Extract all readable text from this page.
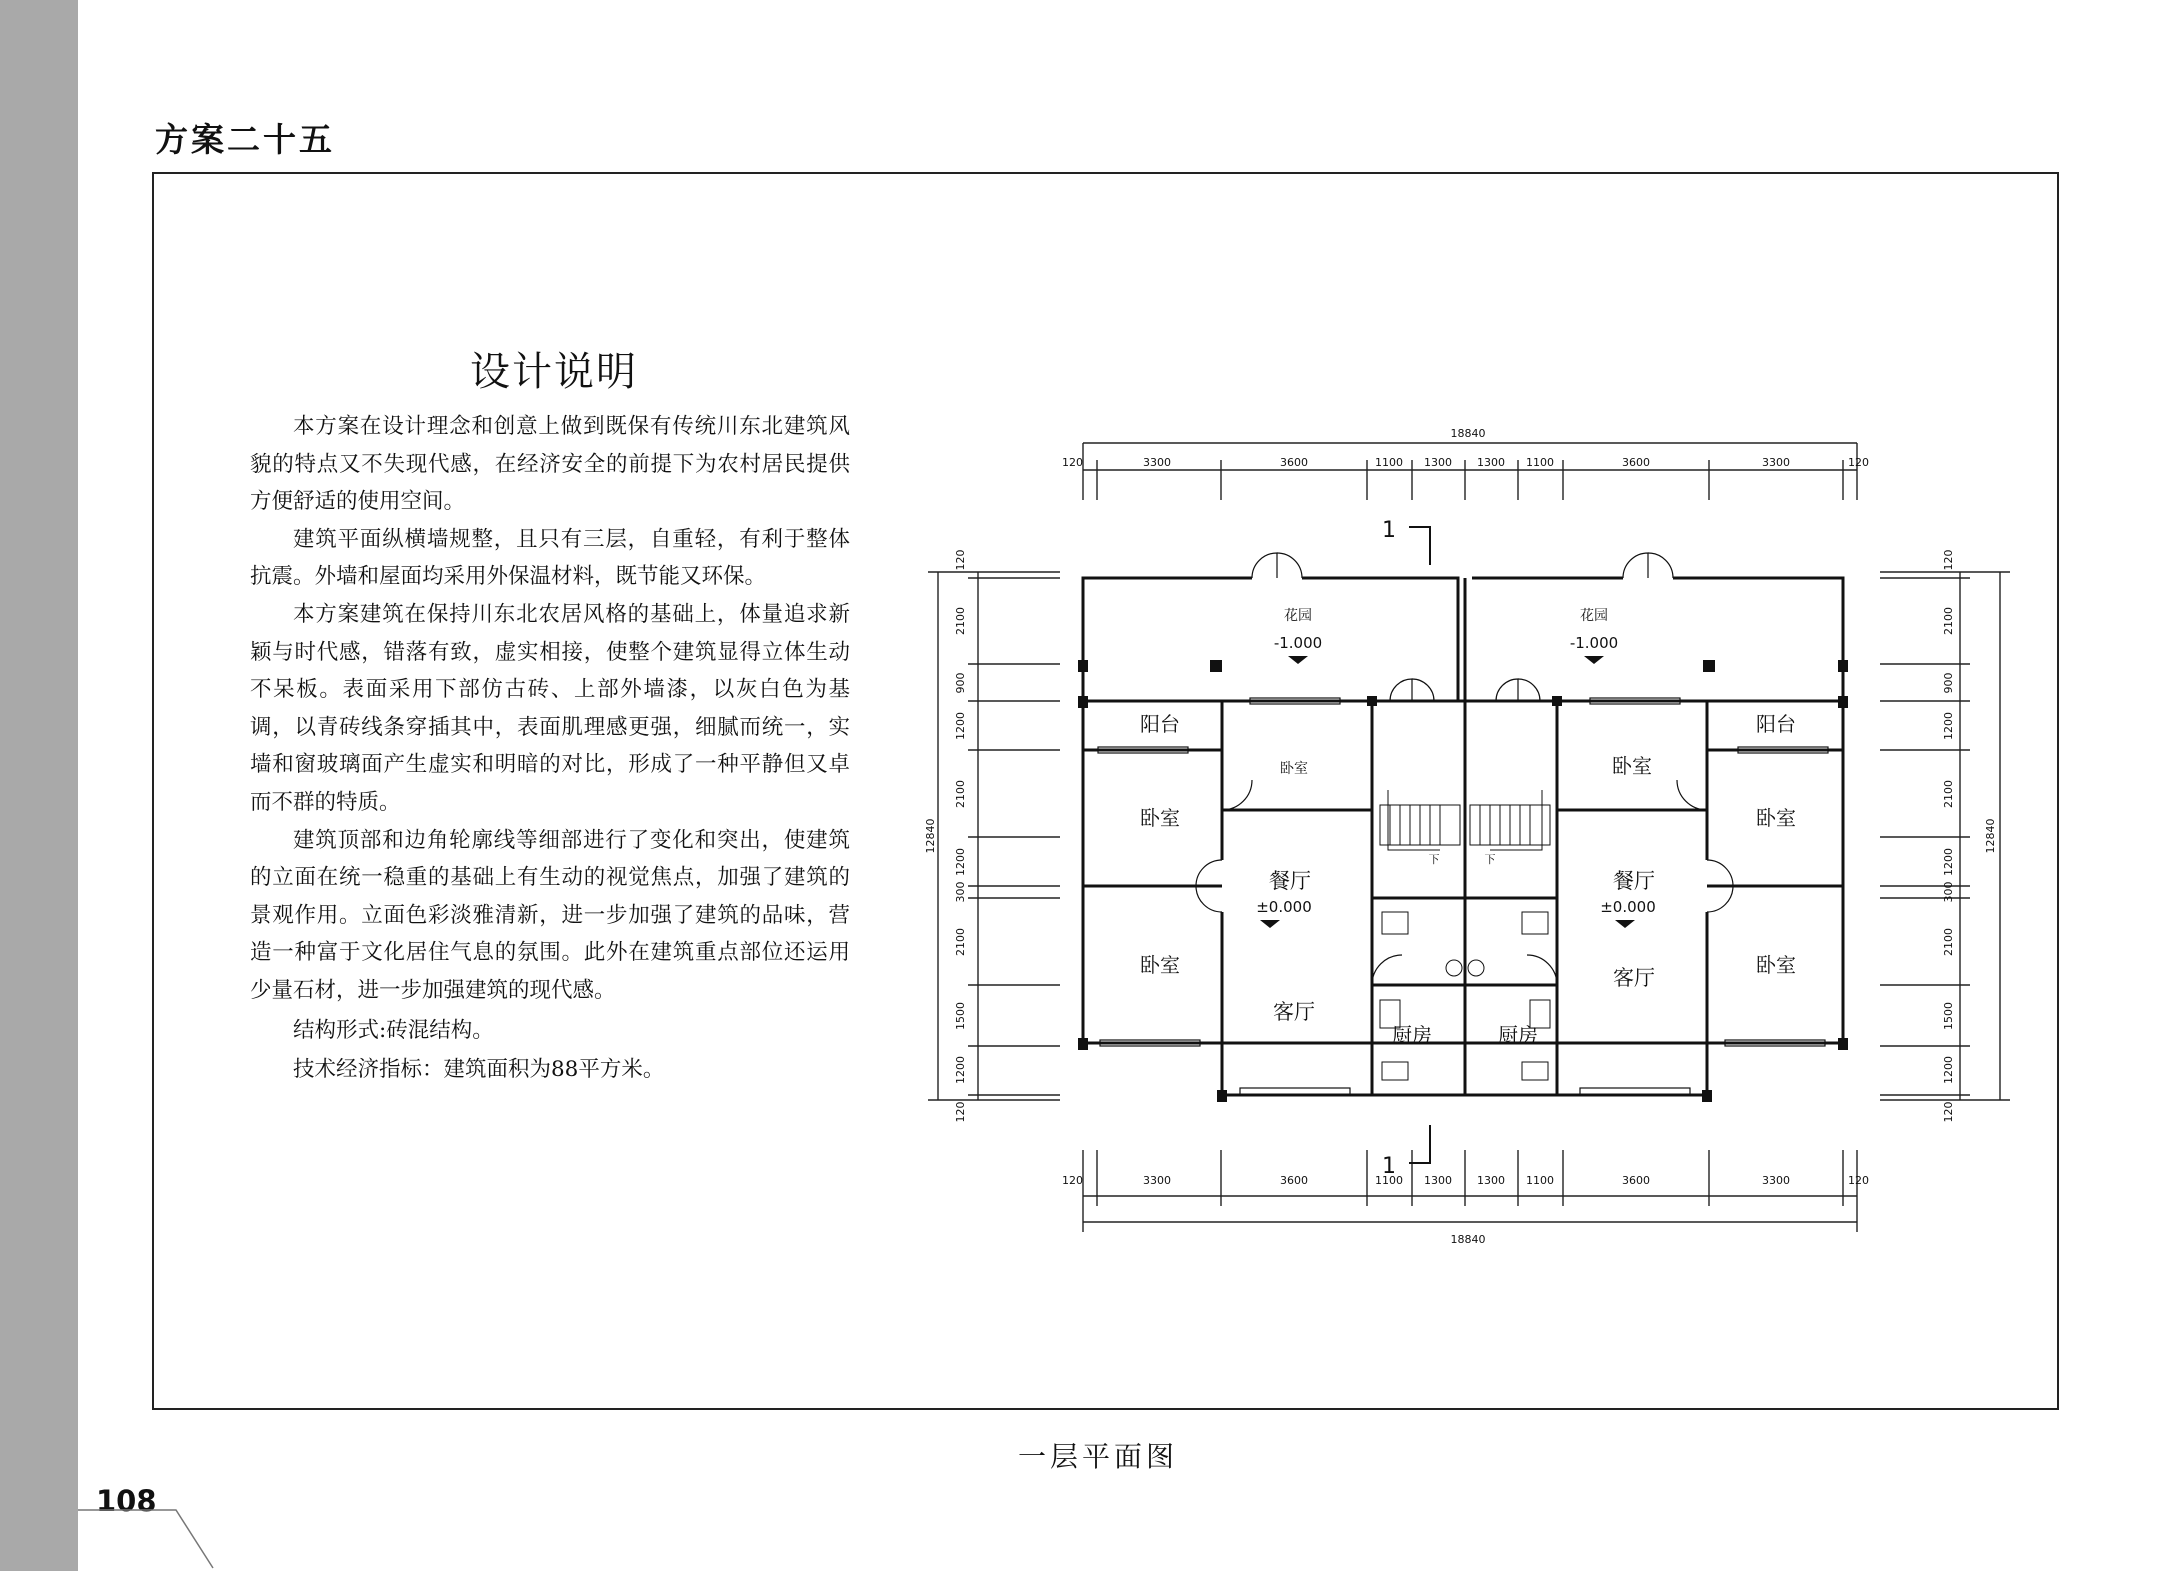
方案二十五
设计说明

本方案在设计理念和创意上做到既保有传统川东北建筑风貌的特点又不失现代感，在经济安全的前提下为农村居民提供方便舒适的使用空间。

建筑平面纵横墙规整，且只有三层，自重轻，有利于整体抗震。外墙和屋面均采用外保温材料，既节能又环保。

本方案建筑在保持川东北农居风格的基础上，体量追求新颖与时代感，错落有致，虚实相接，使整个建筑显得立体生动不呆板。表面采用下部仿古砖、上部外墙漆，以灰白色为基调，以青砖线条穿插其中，表面肌理感更强，细腻而统一，实墙和窗玻璃面产生虚实和明暗的对比，形成了一种平静但又卓而不群的特质。

建筑顶部和边角轮廓线等细部进行了变化和突出，使建筑的立面在统一稳重的基础上有生动的视觉焦点，加强了建筑的景观作用。立面色彩淡雅清新，进一步加强了建筑的品味，营造一种富于文化居住气息的氛围。此外在建筑重点部位还运用少量石材，进一步加强建筑的现代感。

结构形式:砖混结构。

技术经济指标：建筑面积为88平方米。

18840
18840
120	3300	3600	1100 1300 1300 1100	3600	3300	120
120	3300	3600	1100 1300 1300 1100	3600	3300	120
12840	12840
120
2100
900
1200
2100
1200
300
2100
1500
1200
120
120
2100
900
1200
2100
1200
300
2100
1500
1200
120
1
1
花园
-1.000
花园
-1.000
阳台	阳台
卧室	卧室
卧室	卧室
卧室	卧室
餐厅
±0.000
餐厅
±0.000
客厅
客厅
厨房	厨房
下	下
一层平面图
108
